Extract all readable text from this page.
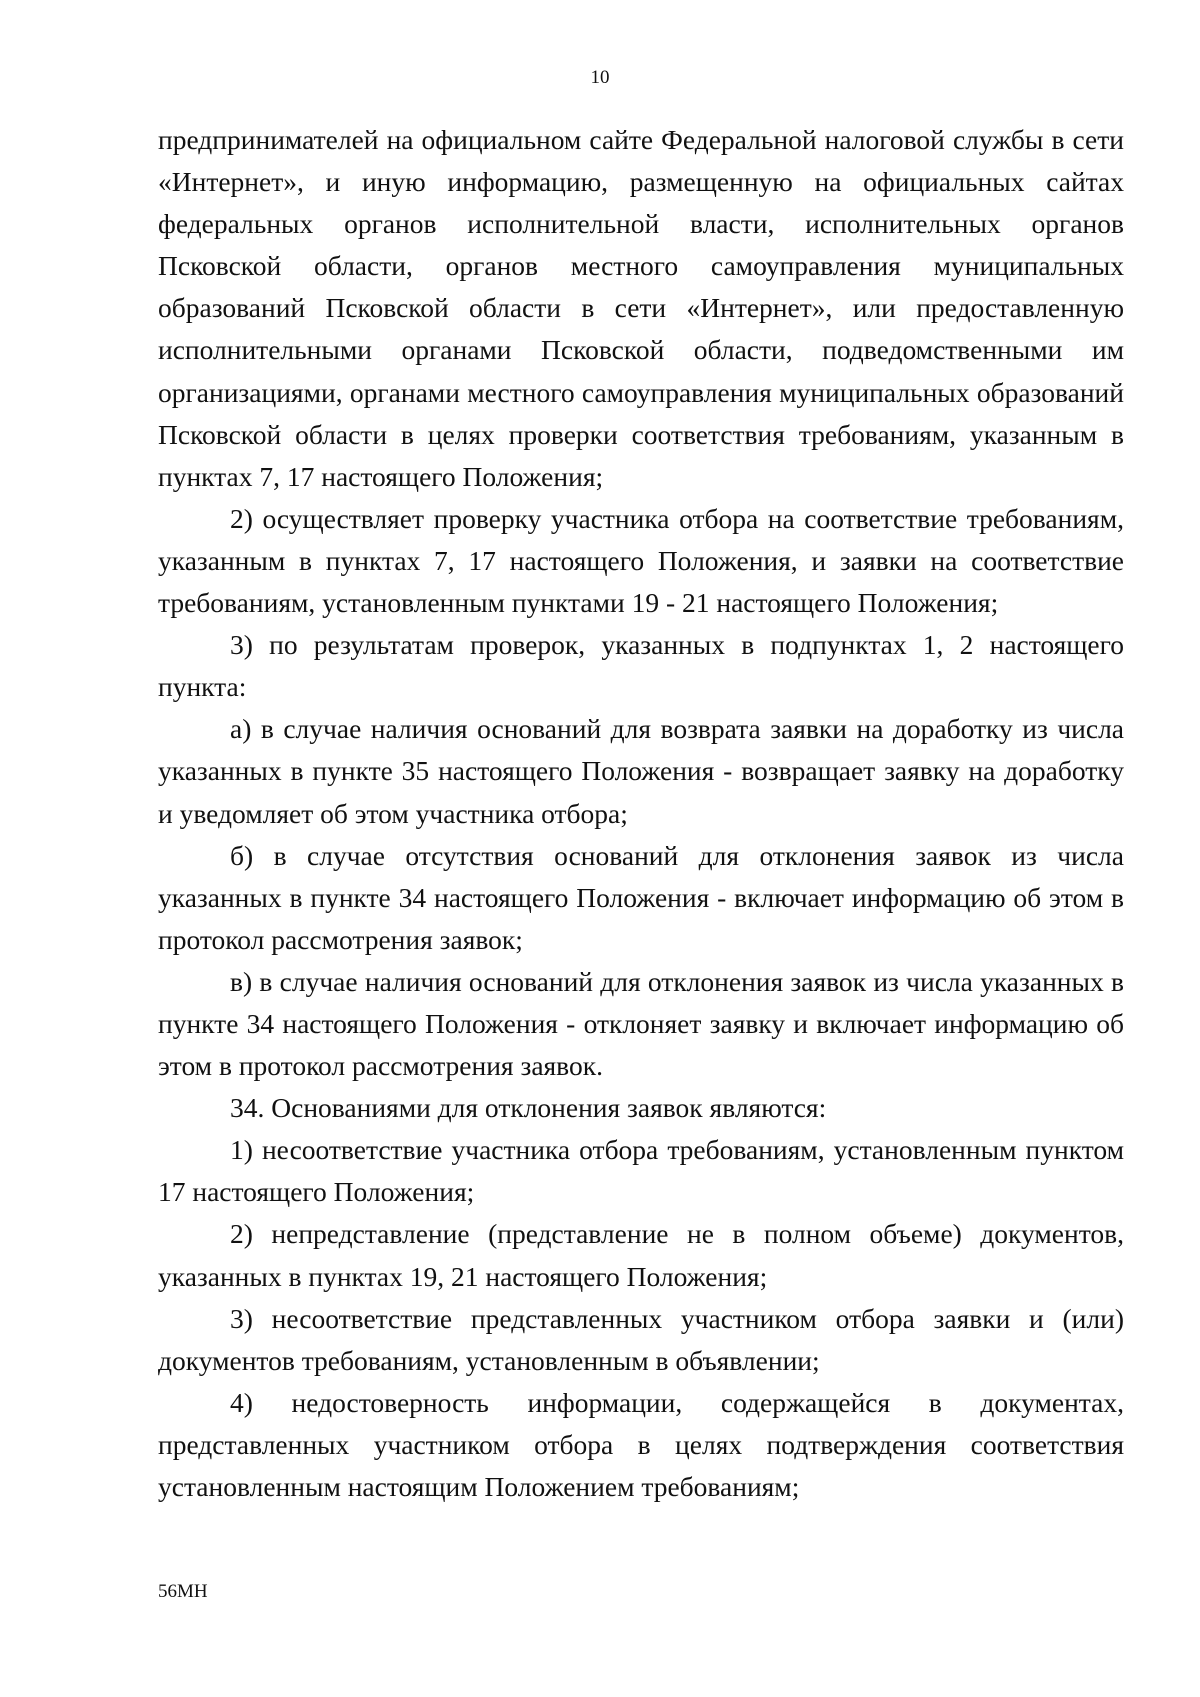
10

предпринимателей на официальном сайте Федеральной налоговой службы в сети «Интернет», и иную информацию, размещенную на официальных сайтах федеральных органов исполнительной власти, исполнительных органов Псковской области, органов местного самоуправления муниципальных образований Псковской области в сети «Интернет», или предоставленную исполнительными органами Псковской области, подведомственными им организациями, органами местного самоуправления муниципальных образований Псковской области в целях проверки соответствия требованиям, указанным в пунктах 7, 17 настоящего Положения;

2) осуществляет проверку участника отбора на соответствие требованиям, указанным в пунктах 7, 17 настоящего Положения, и заявки на соответствие требованиям, установленным пунктами 19 - 21 настоящего Положения;

3) по результатам проверок, указанных в подпунктах 1, 2 настоящего пункта:

а) в случае наличия оснований для возврата заявки на доработку из числа указанных в пункте 35 настоящего Положения - возвращает заявку на доработку и уведомляет об этом участника отбора;

б) в случае отсутствия оснований для отклонения заявок из числа указанных в пункте 34 настоящего Положения - включает информацию об этом в протокол рассмотрения заявок;

в) в случае наличия оснований для отклонения заявок из числа указанных в пункте 34 настоящего Положения - отклоняет заявку и включает информацию об этом в протокол рассмотрения заявок.

34. Основаниями для отклонения заявок являются:

1) несоответствие участника отбора требованиям, установленным пунктом 17 настоящего Положения;

2) непредставление (представление не в полном объеме) документов, указанных в пунктах 19, 21 настоящего Положения;

3) несоответствие представленных участником отбора заявки и (или) документов требованиям, установленным в объявлении;

4) недостоверность информации, содержащейся в документах, представленных участником отбора в целях подтверждения соответствия установленным настоящим Положением требованиям;

56МН
